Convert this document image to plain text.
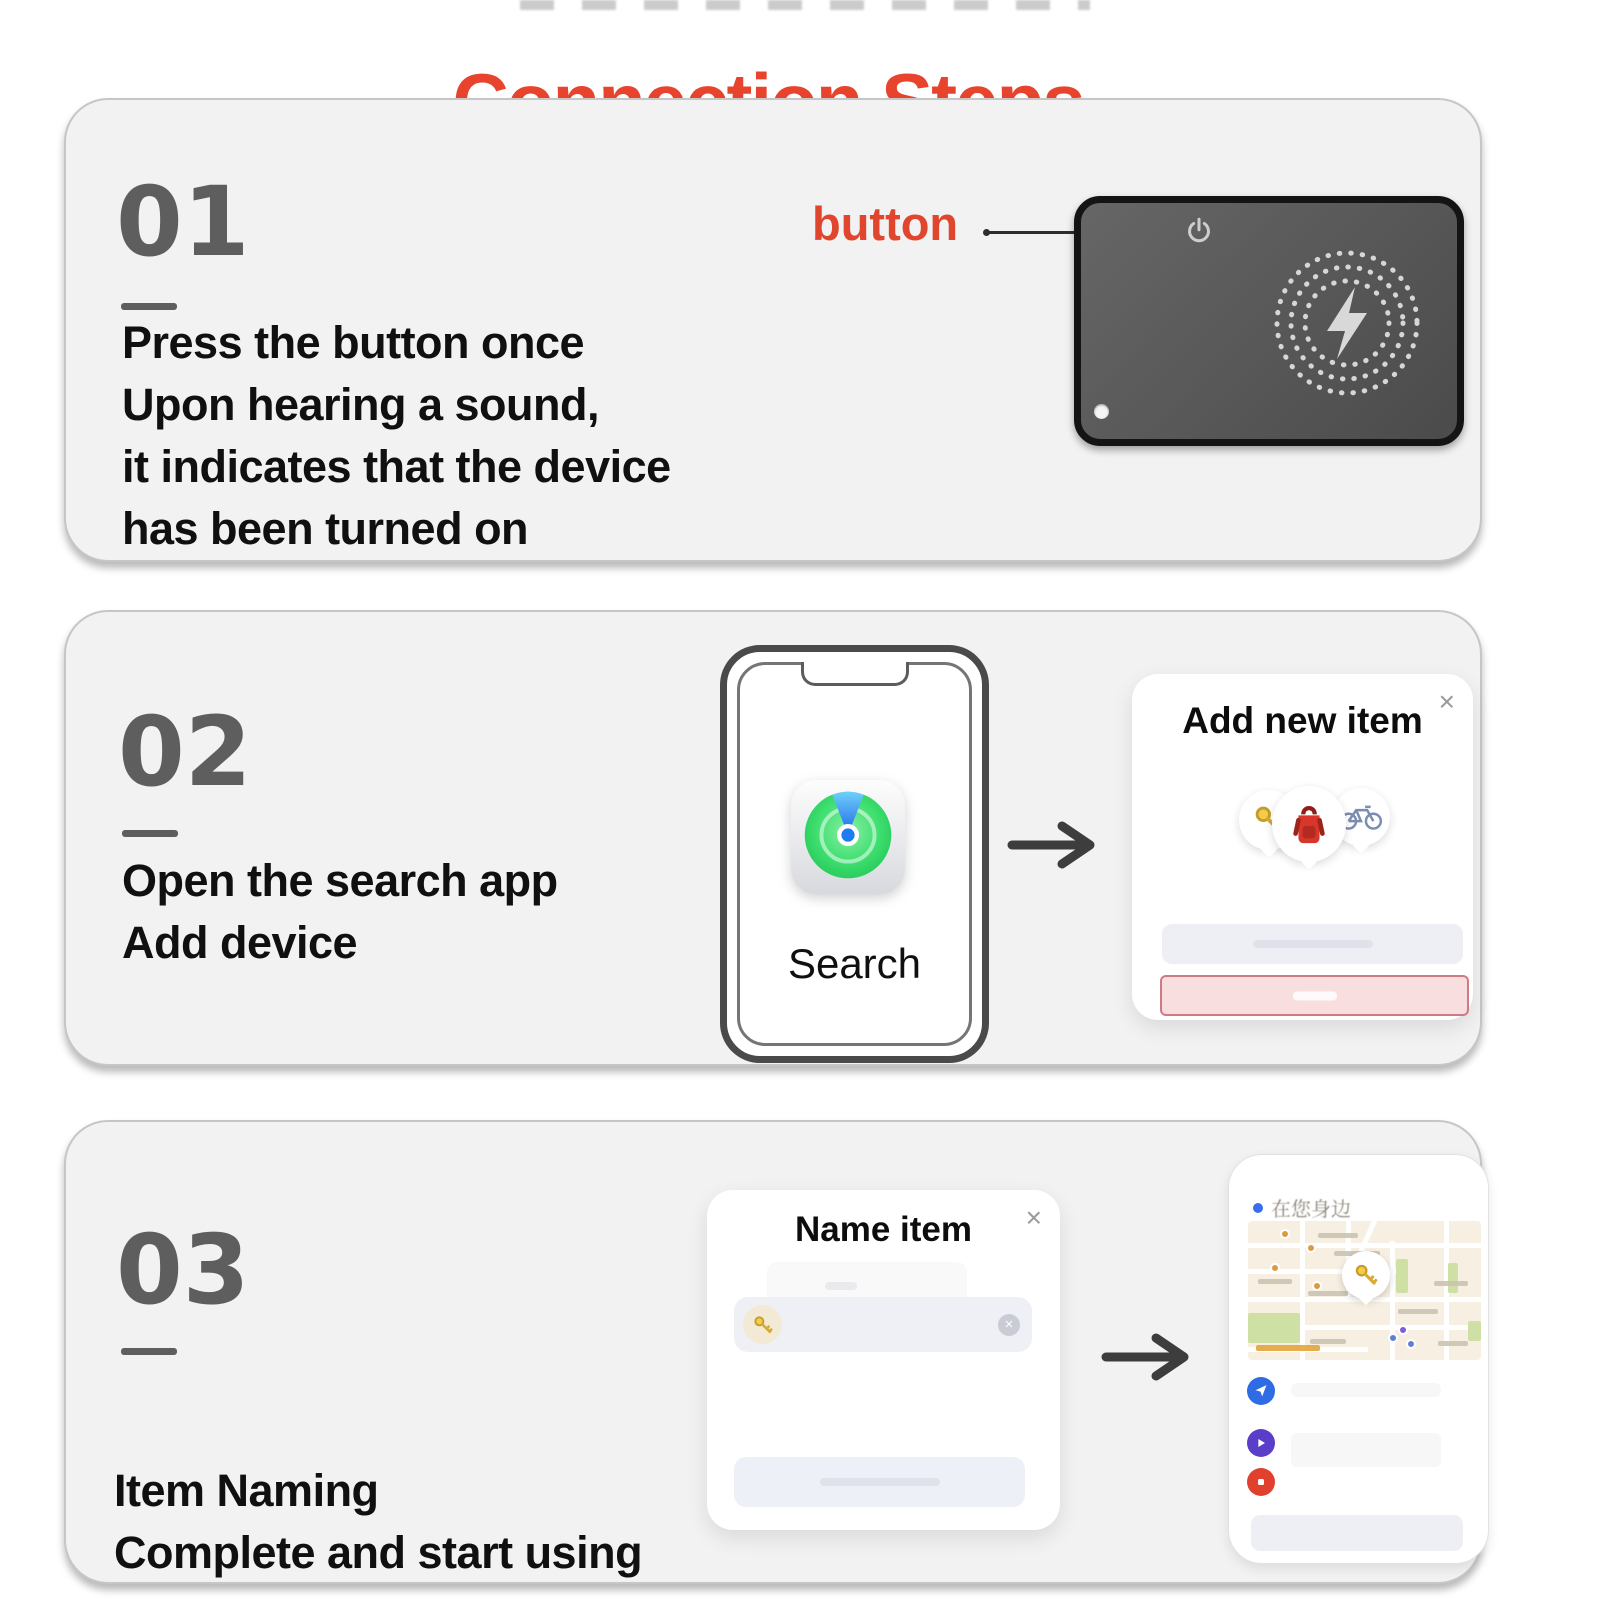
01
Press the button once
Upon hearing a sound,
it indicates that the device
has been turned on
button
02
Open the search app
Add device	Search
Add new item ×
03
Item Naming
Complete and start using
Name item	×
×
在您身边
